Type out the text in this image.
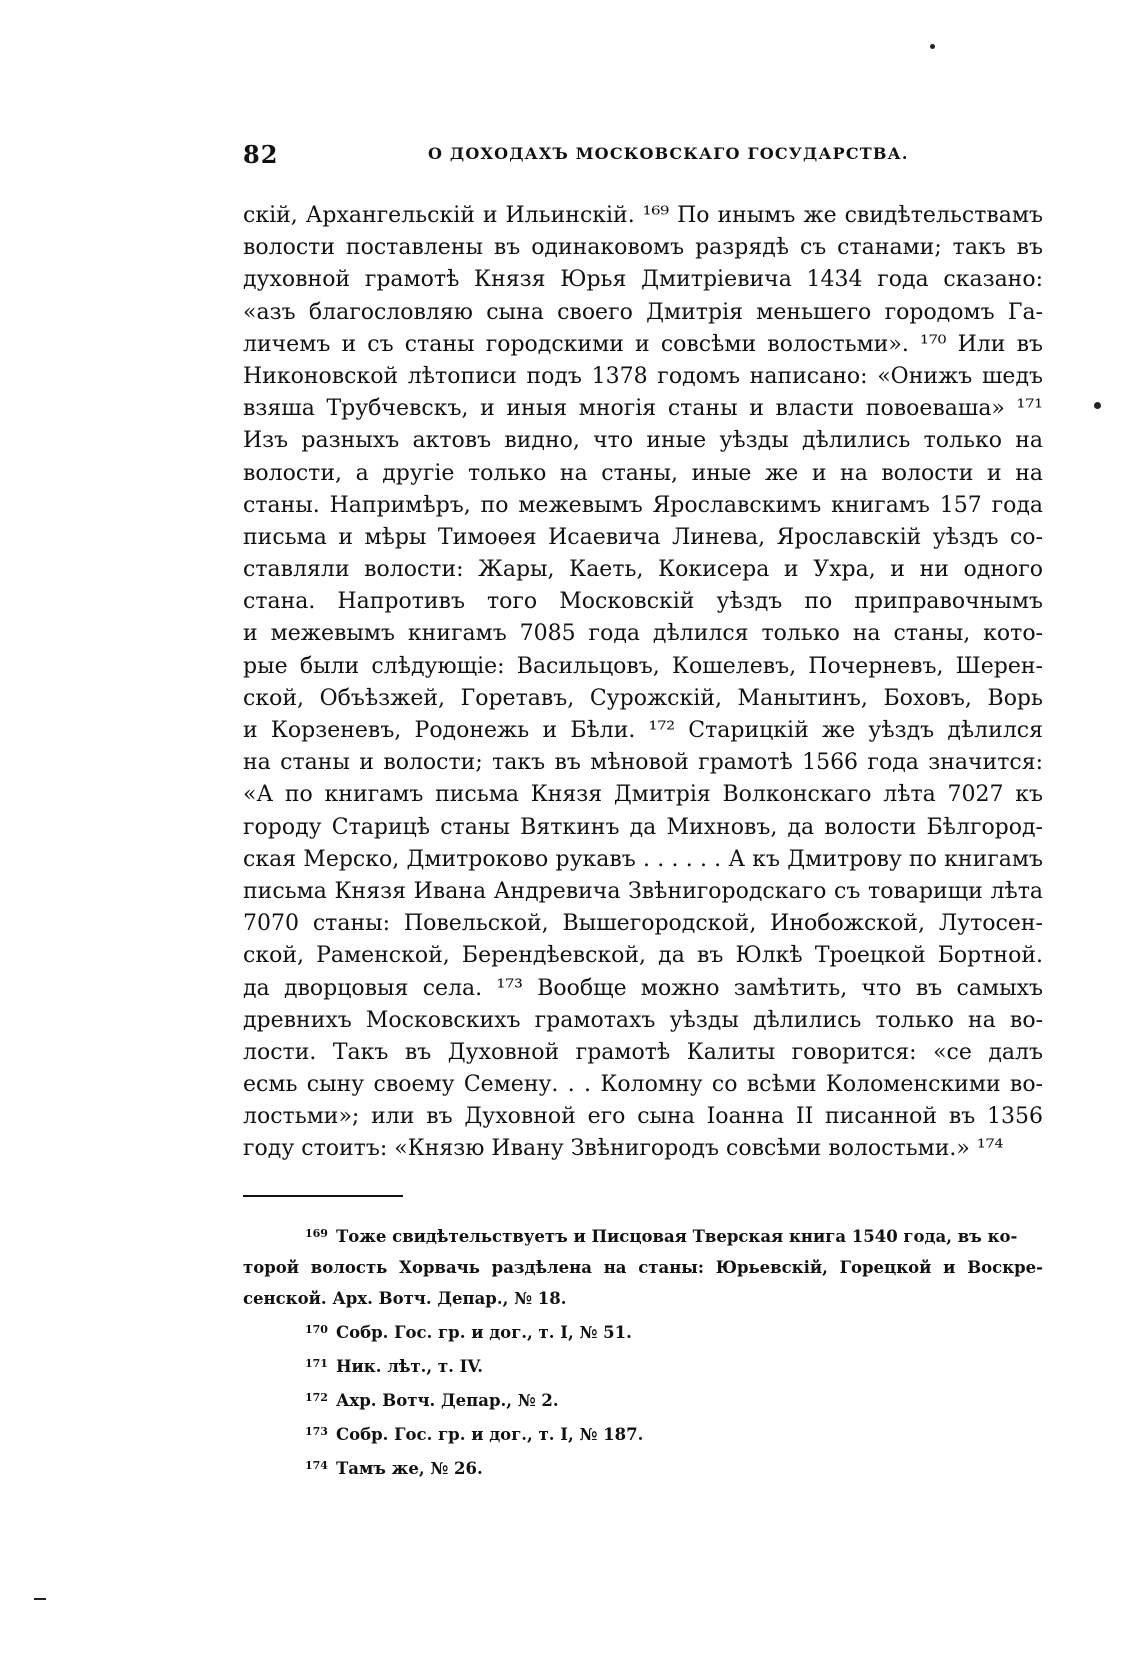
82	О ДОХОДАХЪ МОСКОВСКАГО ГОСУДАРСТВА.
скій, Архангельскій и Ильинскій. ¹⁶⁹ По инымъ же свидѣтельствамъ
волости поставлены въ одинаковомъ разрядѣ съ станами; такъ въ
духовной грамотѣ Князя Юрья Дмитріевича 1434 года сказано:
«азъ благословляю сына своего Дмитрія меньшего городомъ Га-
личемъ и съ станы городскими и совсѣми волостьми». ¹⁷⁰ Или въ
Никоновской лѣтописи подъ 1378 годомъ написано: «Онижъ шедъ
взяша Трубчевскъ, и иныя многія станы и власти повоеваша» ¹⁷¹
Изъ разныхъ актовъ видно, что иные уѣзды дѣлились только на
волости, а другіе только на станы, иные же и на волости и на
станы. Напримѣръ, по межевымъ Ярославскимъ книгамъ 157 года
письма и мѣры Тимоѳея Исаевича Линева, Ярославскій уѣздъ со-
ставляли волости: Жары, Каеть, Кокисера и Ухра, и ни одного
стана. Напротивъ того Московскій уѣздъ по приправочнымъ
и межевымъ книгамъ 7085 года дѣлился только на станы, кото-
рые были слѣдующіе: Васильцовъ, Кошелевъ, Почерневъ, Шерен-
ской, Объѣзжей, Горетавъ, Сурожскій, Манытинъ, Боховъ, Ворь
и Корзеневъ, Родонежь и Бѣли. ¹⁷² Старицкій же уѣздъ дѣлился
на станы и волости; такъ въ мѣновой грамотѣ 1566 года значится:
«А по книгамъ письма Князя Дмитрія Волконскаго лѣта 7027 къ
городу Старицѣ станы Вяткинъ да Михновъ, да волости Бѣлгород-
ская Мерско, Дмитроково рукавъ . . . . . . А къ Дмитрову по книгамъ
письма Князя Ивана Андревича Звѣнигородскаго съ товарищи лѣта
7070 станы: Повельской, Вышегородской, Инобожской, Лутосен-
ской, Раменской, Берендѣевской, да въ Юлкѣ Троецкой Бортной.
да дворцовыя села. ¹⁷³ Вообще можно замѣтить, что въ самыхъ
древнихъ Московскихъ грамотахъ уѣзды дѣлились только на во-
лости. Такъ въ Духовной грамотѣ Калиты говорится: «се далъ
есмь сыну своему Семену. . . Коломну со всѣми Коломенскими во-
лостьми»; или въ Духовной его сына Іоанна II писанной въ 1356
году стоитъ: «Князю Ивану Звѣнигородъ совсѣми волостьми.» ¹⁷⁴
$^{169}$ Тоже свидѣтельствуетъ и Писцовая Тверская книга 1540 года, въ ко-
торой волость Хорвачь раздѣлена на станы: Юрьевскій, Горецкой и Воскре-
сенской. Арх. Вотч. Депар., № 18.
$^{170}$ Собр. Гос. гр. и дог., т. I, № 51.
$^{171}$ Ник. лѣт., т. IV.
$^{172}$ Ахр. Вотч. Депар., № 2.
$^{173}$ Собр. Гос. гр. и дог., т. I, № 187.
$^{174}$ Тамъ же, № 26.
